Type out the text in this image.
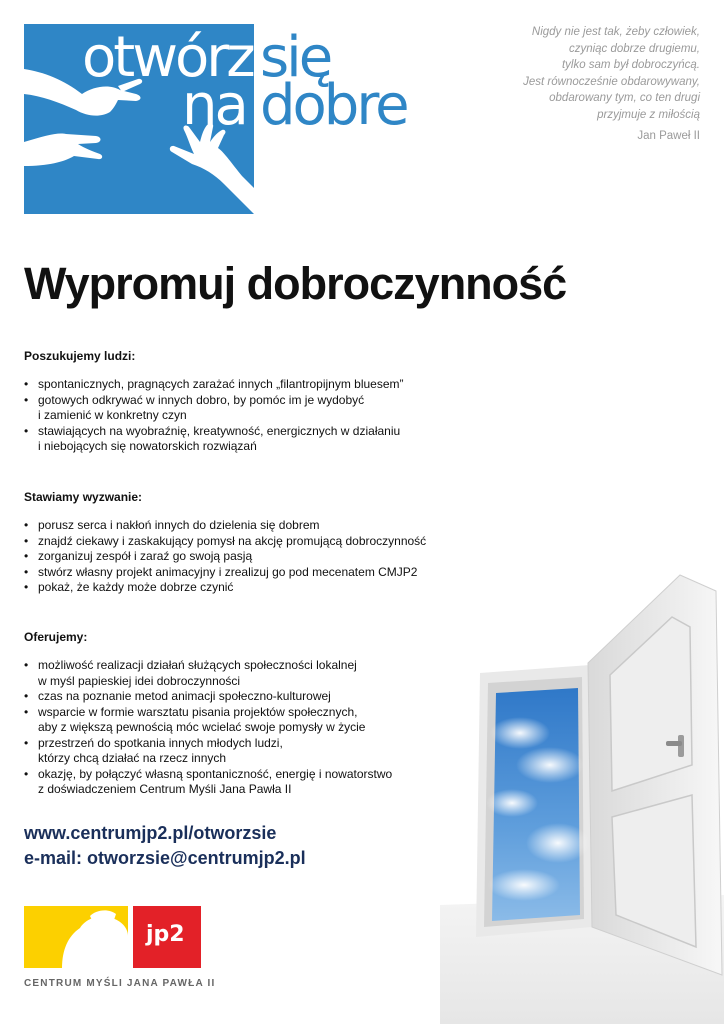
otwórz się
na dobre
Nigdy nie jest tak, żeby człowiek,
czyniąc dobrze drugiemu,
tylko sam był dobroczyńcą.
Jest równocześnie obdarowywany,
obdarowany tym, co ten drugi
przyjmuje z miłością
Jan Paweł II
Wypromuj dobroczynność
Poszukujemy ludzi:
• spontanicznych, pragnących zarażać innych „filantropijnym bluesem”
• gotowych odkrywać w innych dobro, by pomóc im je wydobyć
i zamienić w konkretny czyn
• stawiających na wyobraźnię, kreatywność, energicznych w działaniu
i niebojących się nowatorskich rozwiązań
Stawiamy wyzwanie:
• porusz serca i nakłoń innych do dzielenia się dobrem
• znajdź ciekawy i zaskakujący pomysł na akcję promującą dobroczynność
• zorganizuj zespół i zaraź go swoją pasją
• stwórz własny projekt animacyjny i zrealizuj go pod mecenatem CMJP2
• pokaż, że każdy może dobrze czynić
Oferujemy:
• możliwość realizacji działań służących społeczności lokalnej
w myśl papieskiej idei dobroczynności
• czas na poznanie metod animacji społeczno-kulturowej
• wsparcie w formie warsztatu pisania projektów społecznych,
aby z większą pewnością móc wcielać swoje pomysły w życie
• przestrzeń do spotkania innych młodych ludzi,
którzy chcą działać na rzecz innych
• okazję, by połączyć własną spontaniczność, energię i nowatorstwo
z doświadczeniem Centrum Myśli Jana Pawła II
www.centrumjp2.pl/otworzsie
e-mail: otworzsie@centrumjp2.pl
jp2
CENTRUM MYŚLI JANA PAWŁA II
